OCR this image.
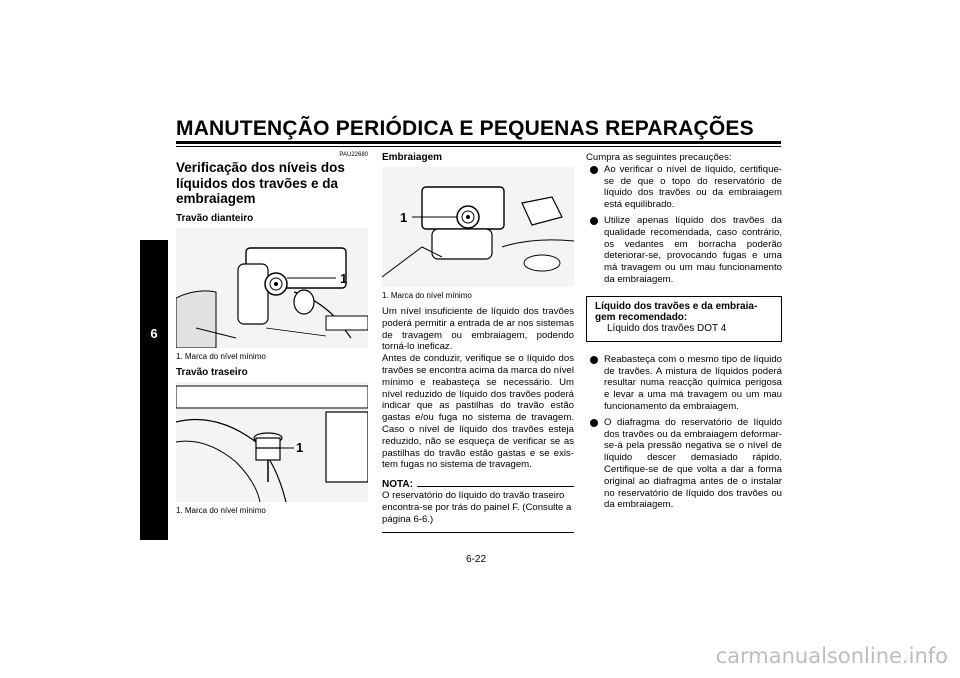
MANUTENÇÃO PERIÓDICA E PEQUENAS REPARAÇÕES
6
PAU22680
Verificação dos níveis dos líquidos dos travões e da embraiagem
Travão dianteiro
1
1. Marca do nível mínimo
Travão traseiro
1
1. Marca do nível mínimo
Embraiagem
1
1. Marca do nível mínimo
Um nível insuficiente de líquido dos travões poderá permitir a entrada de ar nos sistemas de travagem ou embraiagem, podendo torná-lo ineficaz.
Antes de conduzir, verifique se o líquido dos travões se encontra acima da marca do nível mínimo e reabasteça se necessário. Um nível reduzido de líquido dos travões poderá indicar que as pastilhas do travão estão gastas e/ou fuga no sistema de travagem. Caso o nível de líquido dos travões esteja reduzido, não se esqueça de verificar se as pastilhas do travão estão gastas e se existem fugas no sistema de travagem.
NOTA:
O reservatório do líquido do travão traseiro encontra-se por trás do painel F. (Consulte a página 6-6.)
Cumpra as seguintes precauções:
Ao verificar o nível de líquido, certifique-se de que o topo do reservatório de líquido dos travões ou da embraiagem está equilibrado.
Utilize apenas líquido dos travões da qualidade recomendada, caso contrário, os vedantes em borracha poderão deteriorar-se, provocando fugas e uma má travagem ou um mau funcionamento da embraiagem.
Líquido dos travões e da embraiagem recomendado:
Líquido dos travões DOT 4
Reabasteça com o mesmo tipo de líquido de travões. A mistura de líquidos poderá resultar numa reacção química perigosa e levar a uma má travagem ou um mau funcionamento da embraiagem.
O diafragma do reservatório de líquido dos travões ou da embraiagem deformar-se-á pela pressão negativa se o nível de líquido descer demasiado rápido. Certifique-se de que volta a dar a forma original ao diafragma antes de o instalar no reservatório de líquido dos travões ou da embraiagem.
6-22
carmanualsonline.info
